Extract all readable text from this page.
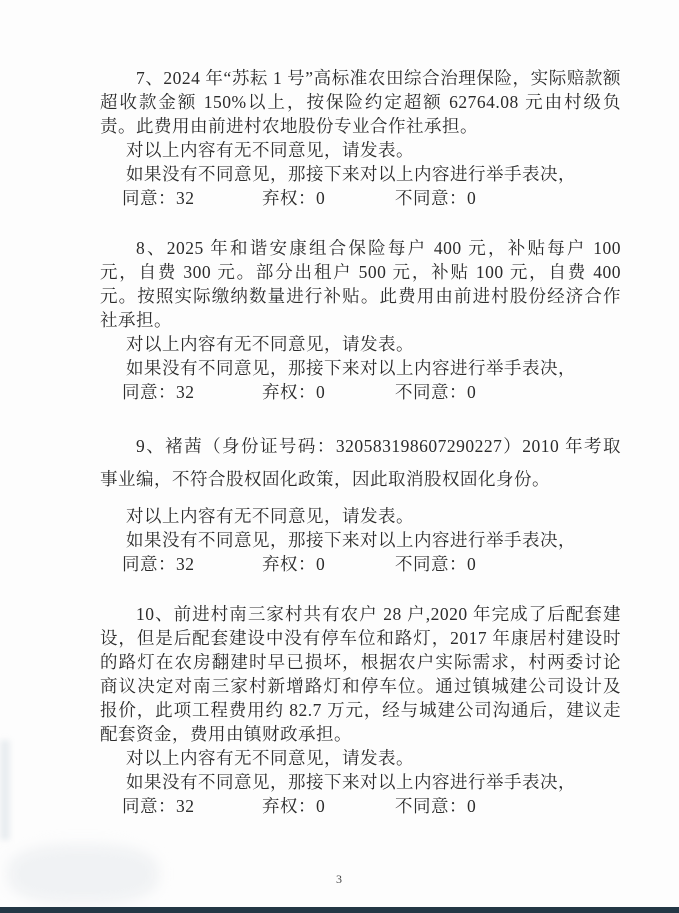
7、2024 年“苏耘 1 号”高标准农田综合治理保险，实际赔款额超收款金额 150%以上，按保险约定超额 62764.08 元由村级负责。此费用由前进村农地股份专业合作社承担。

对以上内容有无不同意见，请发表。

如果没有不同意见，那接下来对以上内容进行举手表决，

同意：32	弃权：0	不同意：0

8、2025 年和谐安康组合保险每户 400 元，补贴每户 100 元，自费 300 元。部分出租户 500 元，补贴 100 元，自费 400 元。按照实际缴纳数量进行补贴。此费用由前进村股份经济合作社承担。

对以上内容有无不同意见，请发表。

如果没有不同意见，那接下来对以上内容进行举手表决，

同意：32	弃权：0	不同意：0

9、褚茜（身份证号码：320583198607290227）2010 年考取事业编，不符合股权固化政策，因此取消股权固化身份。

对以上内容有无不同意见，请发表。

如果没有不同意见，那接下来对以上内容进行举手表决，

同意：32	弃权：0	不同意：0

10、前进村南三家村共有农户 28 户,2020 年完成了后配套建设，但是后配套建设中没有停车位和路灯，2017 年康居村建设时的路灯在农房翻建时早已损坏，根据农户实际需求，村两委讨论商议决定对南三家村新增路灯和停车位。通过镇城建公司设计及报价，此项工程费用约 82.7 万元，经与城建公司沟通后，建议走配套资金，费用由镇财政承担。

对以上内容有无不同意见，请发表。

如果没有不同意见，那接下来对以上内容进行举手表决，

同意：32	弃权：0	不同意：0

3
